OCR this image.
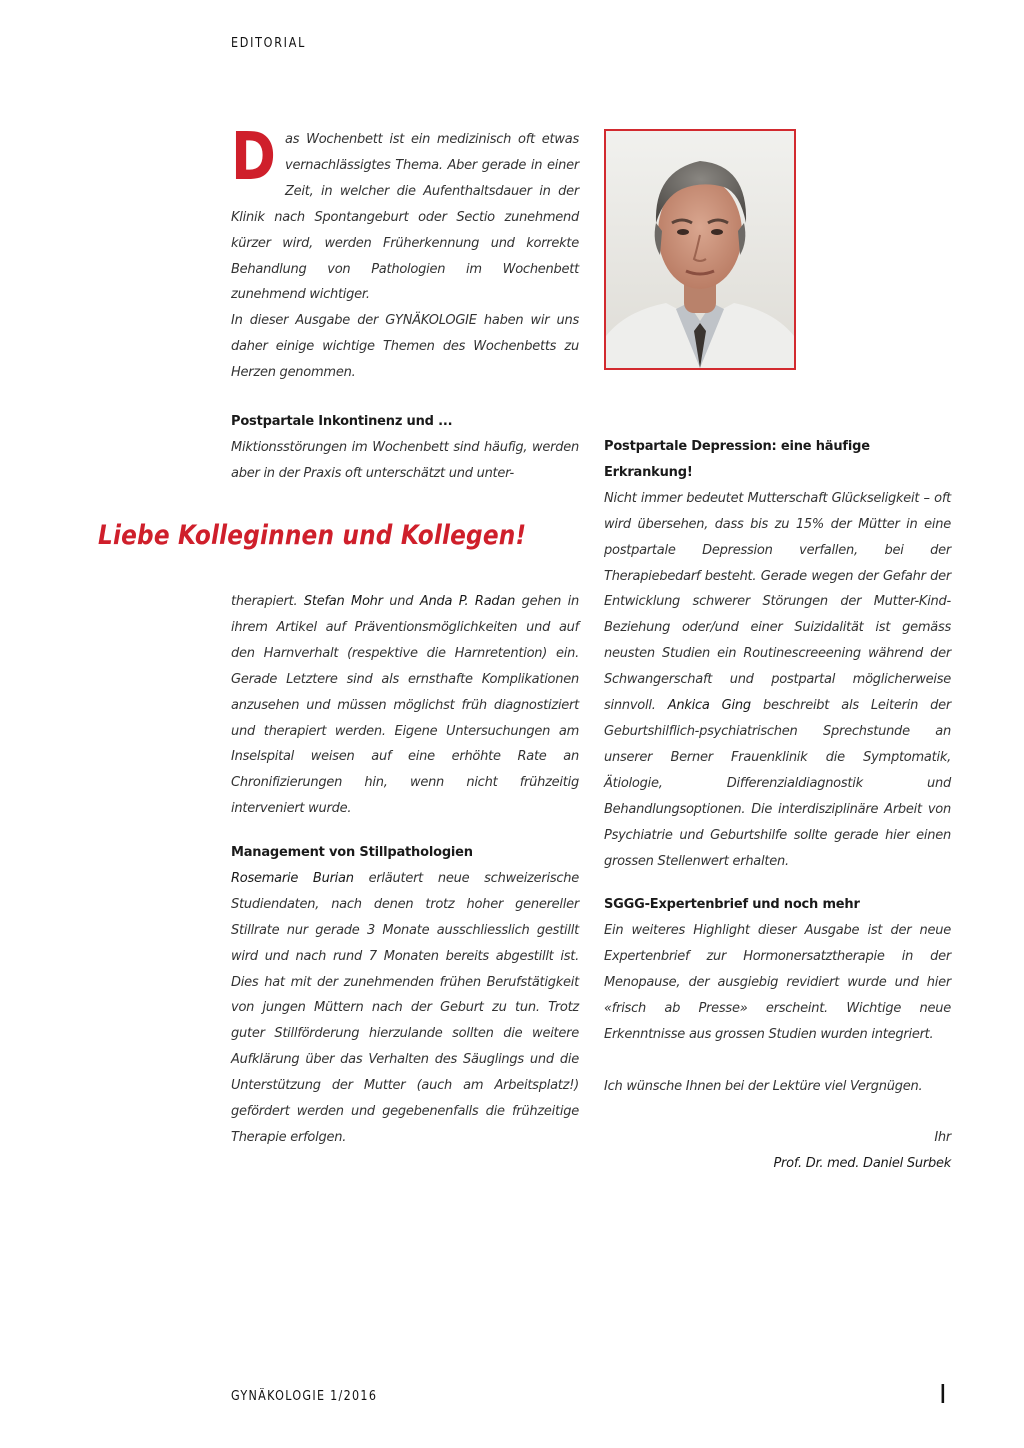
EDITORIAL

Das Wochenbett ist ein medizinisch oft etwas vernachlässigtes Thema. Aber gerade in einer Zeit, in welcher die Aufenthaltsdauer in der Klinik nach Spontangeburt oder Sectio zunehmend kürzer wird, werden Früherkennung und korrekte Behandlung von Pathologien im Wochenbett zunehmend wichtiger.

In dieser Ausgabe der GYNÄKOLOGIE haben wir uns daher einige wichtige Themen des Wochenbetts zu Herzen genommen.

Postpartale Inkontinenz und ...

Miktionsstörungen im Wochenbett sind häufig, werden aber in der Praxis oft unterschätzt und unter-

Liebe Kolleginnen und Kollegen!

therapiert. Stefan Mohr und Anda P. Radan gehen in ihrem Artikel auf Präventionsmöglichkeiten und auf den Harnverhalt (respektive die Harnretention) ein. Gerade Letztere sind als ernsthafte Komplikationen anzusehen und müssen möglichst früh diagnostiziert und therapiert werden. Eigene Untersuchungen am Inselspital weisen auf eine erhöhte Rate an Chronifizierungen hin, wenn nicht frühzeitig interveniert wurde.

Management von Stillpathologien

Rosemarie Burian erläutert neue schweizerische Studiendaten, nach denen trotz hoher genereller Stillrate nur gerade 3 Monate ausschliesslich gestillt wird und nach rund 7 Monaten bereits abgestillt ist. Dies hat mit der zunehmenden frühen Berufstätigkeit von jungen Müttern nach der Geburt zu tun. Trotz guter Stillförderung hierzulande sollten die weitere Aufklärung über das Verhalten des Säuglings und die Unterstützung der Mutter (auch am Arbeitsplatz!) gefördert werden und gegebenenfalls die frühzeitige Therapie erfolgen.

Postpartale Depression: eine häufige Erkrankung!

Nicht immer bedeutet Mutterschaft Glückseligkeit – oft wird übersehen, dass bis zu 15% der Mütter in eine postpartale Depression verfallen, bei der Therapiebedarf besteht. Gerade wegen der Gefahr der Entwicklung schwerer Störungen der Mutter-Kind-Beziehung oder/und einer Suizidalität ist gemäss neusten Studien ein Routinescreeening während der Schwangerschaft und postpartal möglicherweise sinnvoll. Ankica Ging beschreibt als Leiterin der Geburtshilflich-psychiatrischen Sprechstunde an unserer Berner Frauenklinik die Symptomatik, Ätiologie, Differenzialdiagnostik und Behandlungsoptionen. Die interdisziplinäre Arbeit von Psychiatrie und Geburtshilfe sollte gerade hier einen grossen Stellenwert erhalten.

SGGG-Expertenbrief und noch mehr

Ein weiteres Highlight dieser Ausgabe ist der neue Expertenbrief zur Hormonersatztherapie in der Menopause, der ausgiebig revidiert wurde und hier «frisch ab Presse» erscheint. Wichtige neue Erkenntnisse aus grossen Studien wurden integriert.

Ich wünsche Ihnen bei der Lektüre viel Vergnügen.

Ihr

Prof. Dr. med. Daniel Surbek

GYNÄKOLOGIE 1/2016	I
